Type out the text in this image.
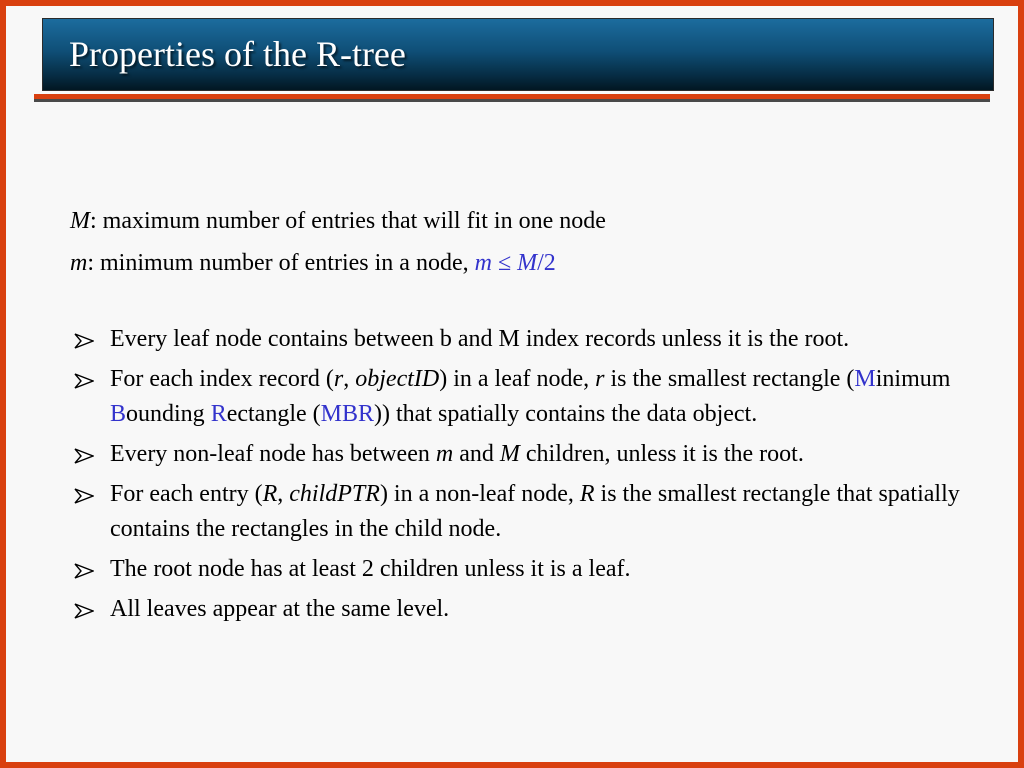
Properties of the R-tree
M: maximum number of entries that will fit in one node
m: minimum number of entries in a node, m ≤ M/2
Every leaf node contains between b and M index records unless it is the root.
For each index record (r, objectID) in a leaf node, r is the smallest rectangle (Minimum Bounding Rectangle (MBR)) that spatially contains the data object.
Every non-leaf node has between m and M children, unless it is the root.
For each entry (R, childPTR) in a non-leaf node, R is the smallest rectangle that spatially contains the rectangles in the child node.
The root node has at least 2 children unless it is a leaf.
All leaves appear at the same level.
